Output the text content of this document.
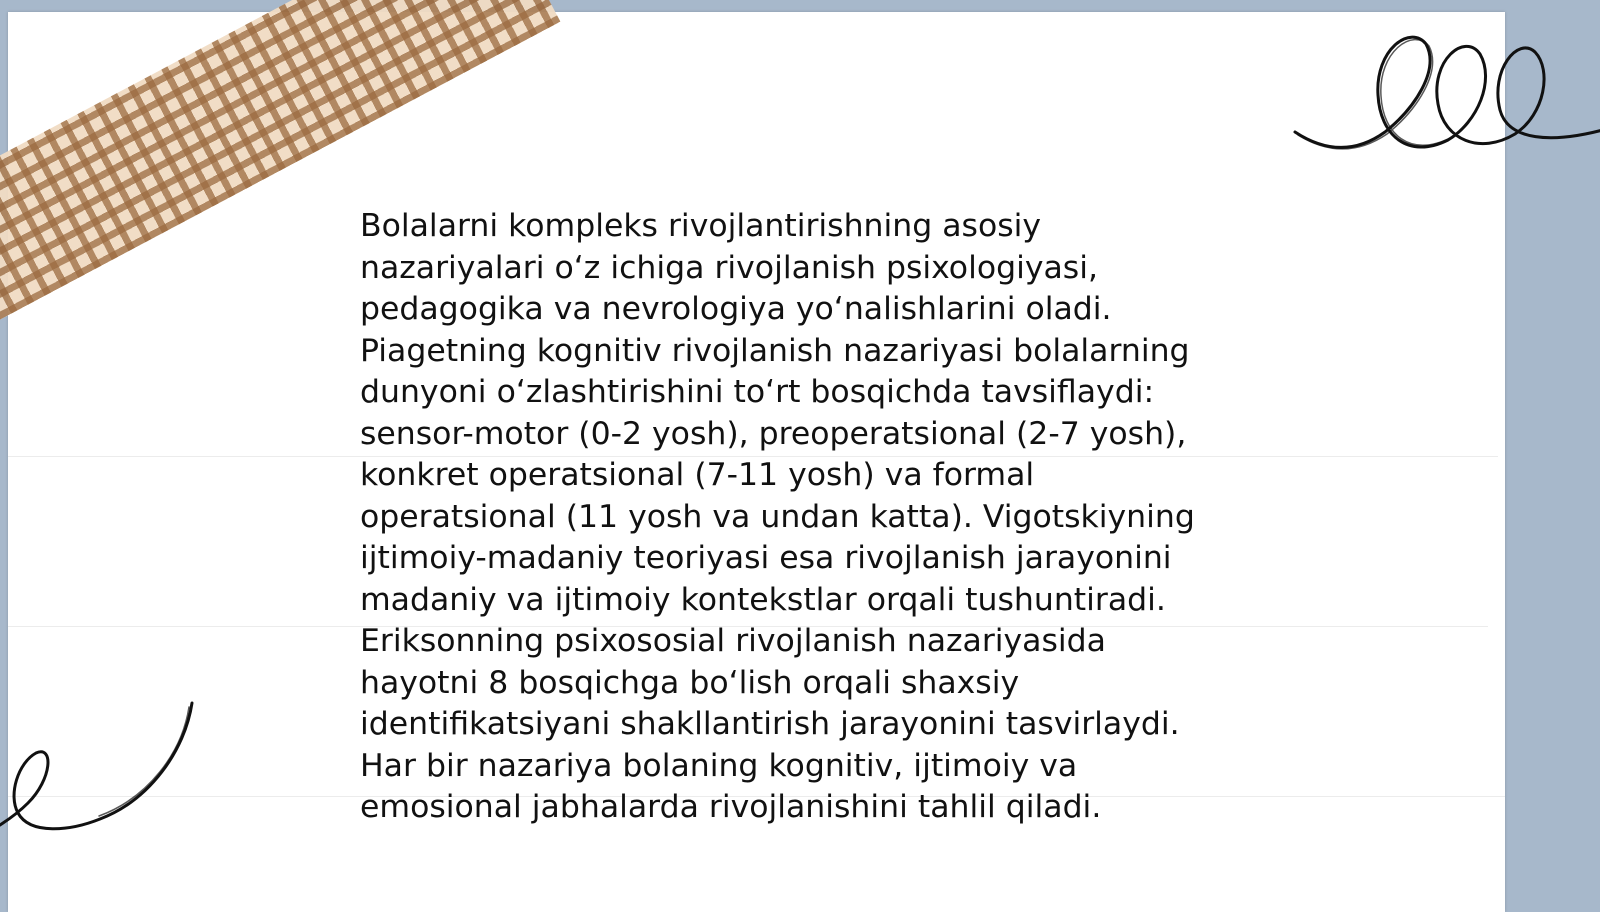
Bolalarni kompleks rivojlantirishning asosiy
nazariyalari o‘z ichiga rivojlanish psixologiyasi,
pedagogika va nevrologiya yo‘nalishlarini oladi.
Piagetning kognitiv rivojlanish nazariyasi bolalarning
dunyoni o‘zlashtirishini to‘rt bosqichda tavsiflaydi:
sensor-motor (0-2 yosh), preoperatsional (2-7 yosh),
konkret operatsional (7-11 yosh) va formal
operatsional (11 yosh va undan katta). Vigotskiyning
ijtimoiy-madaniy teoriyasi esa rivojlanish jarayonini
madaniy va ijtimoiy kontekstlar orqali tushuntiradi.
Eriksonning psixososial rivojlanish nazariyasida
hayotni 8 bosqichga bo‘lish orqali shaxsiy
identifikatsiyani shakllantirish jarayonini tasvirlaydi.
Har bir nazariya bolaning kognitiv, ijtimoiy va
emosional jabhalarda rivojlanishini tahlil qiladi.
